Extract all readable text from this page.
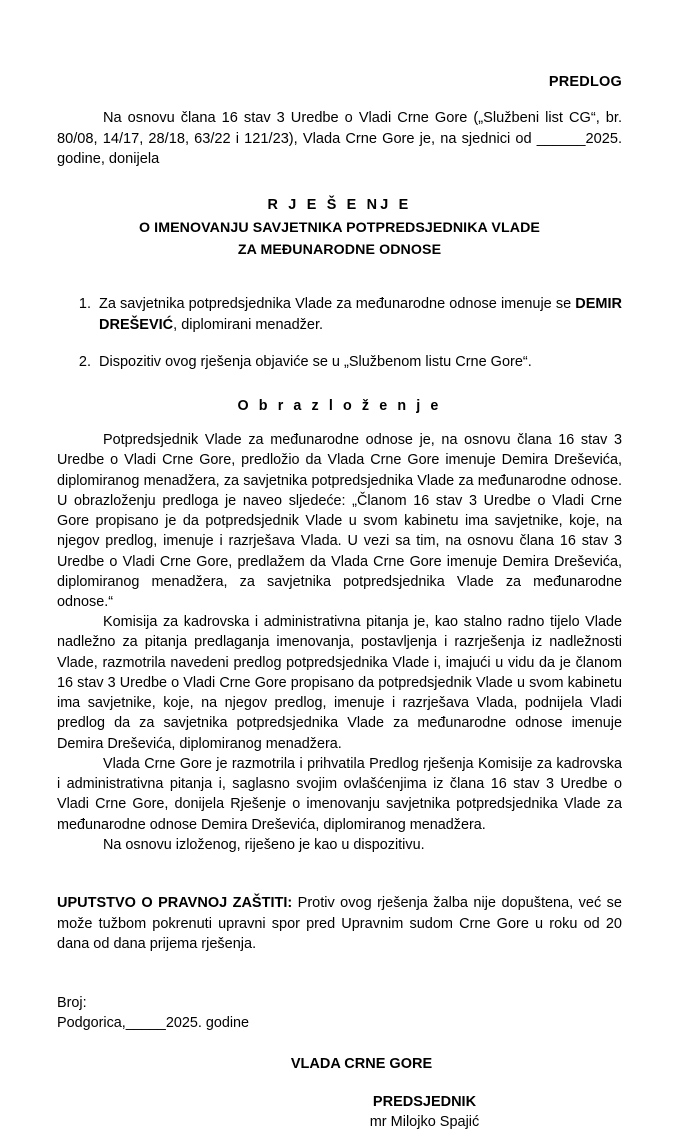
PREDLOG
Na osnovu člana 16 stav 3 Uredbe o Vladi Crne Gore („Službeni list CG“, br. 80/08, 14/17, 28/18, 63/22 i 121/23), Vlada Crne Gore je, na sjednici od ______2025. godine, donijela
R J E Š E NJ E
O IMENOVANJU SAVJETNIKA POTPREDSJEDNIKA VLADE
ZA MEĐUNARODNE ODNOSE
1. Za savjetnika potpredsjednika Vlade za međunarodne odnose imenuje se DEMIR DREŠEVIĆ, diplomirani menadžer.
2. Dispozitiv ovog rješenja objaviće se u „Službenom listu Crne Gore“.
O b r a z l o ž e n j e

Potpredsjednik Vlade za međunarodne odnose je, na osnovu člana 16 stav 3 Uredbe o Vladi Crne Gore, predložio da Vlada Crne Gore imenuje Demira Dreševića, diplomiranog menadžera, za savjetnika potpredsjednika Vlade za međunarodne odnose. U obrazloženju predloga je naveo sljedeće: „Članom 16 stav 3 Uredbe o Vladi Crne Gore propisano je da potpredsjednik Vlade u svom kabinetu ima savjetnike, koje, na njegov predlog, imenuje i razrješava Vlada. U vezi sa tim, na osnovu člana 16 stav 3 Uredbe o Vladi Crne Gore, predlažem da Vlada Crne Gore imenuje Demira Dreševića, diplomiranog menadžera, za savjetnika potpredsjednika Vlade za međunarodne odnose.“

Komisija za kadrovska i administrativna pitanja je, kao stalno radno tijelo Vlade nadležno za pitanja predlaganja imenovanja, postavljenja i razrješenja iz nadležnosti Vlade, razmotrila navedeni predlog potpredsjednika Vlade i, imajući u vidu da je članom 16 stav 3 Uredbe o Vladi Crne Gore propisano da potpredsjednik Vlade u svom kabinetu ima savjetnike, koje, na njegov predlog, imenuje i razrješava Vlada, podnijela Vladi predlog da za savjetnika potpredsjednika Vlade za međunarodne odnose imenuje Demira Dreševića, diplomiranog menadžera.

Vlada Crne Gore je razmotrila i prihvatila Predlog rješenja Komisije za kadrovska i administrativna pitanja i, saglasno svojim ovlašćenjima iz člana 16 stav 3 Uredbe o Vladi Crne Gore, donijela Rješenje o imenovanju savjetnika potpredsjednika Vlade za međunarodne odnose Demira Dreševića, diplomiranog menadžera.

Na osnovu izloženog, riješeno je kao u dispozitivu.

UPUTSTVO O PRAVNOJ ZAŠTITI: Protiv ovog rješenja žalba nije dopuštena, već se može tužbom pokrenuti upravni spor pred Upravnim sudom Crne Gore u roku od 20 dana od dana prijema rješenja.
Broj:
Podgorica,_____2025. godine
VLADA CRNE GORE
PREDSJEDNIK
mr Milojko Spajić
